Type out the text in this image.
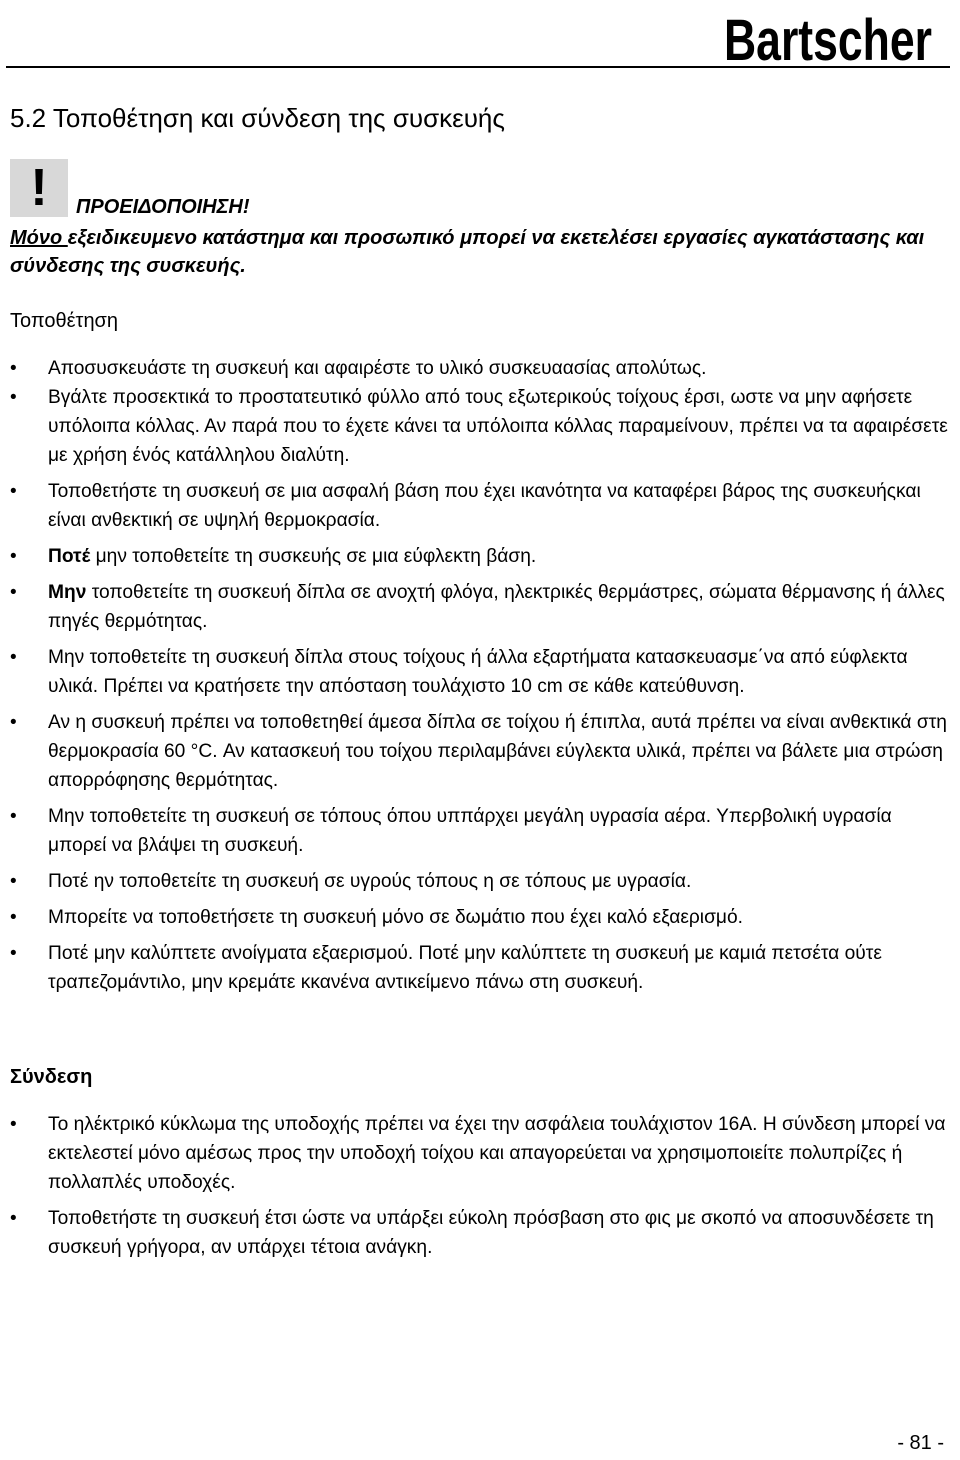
Bartscher
5.2 Τοποθέτηση και σύνδεση της συσκευής
!	ΠΡΟΕΙΔΟΠΟΙΗΣΗ!

Μόνο εξειδικευμενο κατάστημα και προσωπικό μπορεί να εκετελέσει εργασίες αγκατάστασης και σύνδεσης της συσκευής.

Τοποθέτηση
• Αποσυσκευάστε τη συσκευή και αφαιρέστε το υλικό συσκευαασίας απολύτως.
• Βγάλτε προσεκτικά το προστατευτικό φύλλο από τους εξωτερικούς τοίχους έρσι, ωστε να μην αφήσετε υπόλοιπα κόλλας. Αν παρά που το έχετε κάνει τα υπόλοιπα κόλλας παραμείνουν, πρέπει να τα αφαιρέσετε με χρήση ένός κατάλληλου διαλύτη.
• Τοποθετήστε τη συσκευή σε μια ασφαλή βάση που έχει ικανότητα να καταφέρει βάρος της συσκευήςκαι είναι ανθεκτική σε υψηλή θερμοκρασία.
• Ποτέ μην τοποθετείτε τη συσκευής σε μια εύφλεκτη βάση.
• Μην τοποθετείτε τη συσκευή δίπλα σε ανοχτή φλόγα, ηλεκτρικές θερμάστρες, σώματα θέρμανσης ή άλλες πηγές θερμότητας.
• Μην τοποθετείτε τη συσκευή δίπλα στους τοίχους ή άλλα εξαρτήματα κατασκευασμε΄να από εύφλεκτα υλικά. Πρέπει να κρατήσετε την απόσταση τουλάχιστο 10 cm σε κάθε κατεύθυνση.
• Αν η συσκευή πρέπει να τοποθετηθεί άμεσα δίπλα σε τοίχου ή έπιπλα, αυτά πρέπει να είναι ανθεκτικά στη θερμοκρασία 60 °C. Αν κατασκευή του τοίχου περιλαμβάνει εύγλεκτα υλικά, πρέπει να βάλετε μια στρώση απορρόφησης θερμότητας.
• Μην τοποθετείτε τη συσκευή σε τόπους όπου υππάρχει μεγάλη υγρασία αέρα. Υπερβολική υγρασία μπορεί να βλάψει τη συσκευή.
• Ποτέ ην τοποθετείτε τη συσκευή σε υγρούς τόπους η σε τόπους με υγρασία.
• Μπορείτε να τοποθετήσετε τη συσκευή μόνο σε δωμάτιο που έχει καλό εξαερισμό.
• Ποτέ μην καλύπτετε ανοίγματα εξαερισμού. Ποτέ μην καλύπτετε τη συσκευή με καμιά πετσέτα ούτε τραπεζομάντιλο, μην κρεμάτε κκανένα αντικείμενο πάνω στη συσκευή.
Σύνδεση
• Το ηλέκτρικό κύκλωμα της υποδοχής πρέπει να έχει την ασφάλεια τουλάχιστον 16A. Η σύνδεση μπορεί να εκτελεστεί μόνο αμέσως προς την υποδοχή τοίχου και απαγορεύεται να χρησιμοποιείτε πολυπρίζες ή πολλαπλές υποδοχές.
• Τοποθετήστε τη συσκευή έτσι ώστε να υπάρξει εύκολη πρόσβαση στο φις με σκοπό να αποσυνδέσετε τη συσκευή γρήγορα, αν υπάρχει τέτοια ανάγκη.
- 81 -
